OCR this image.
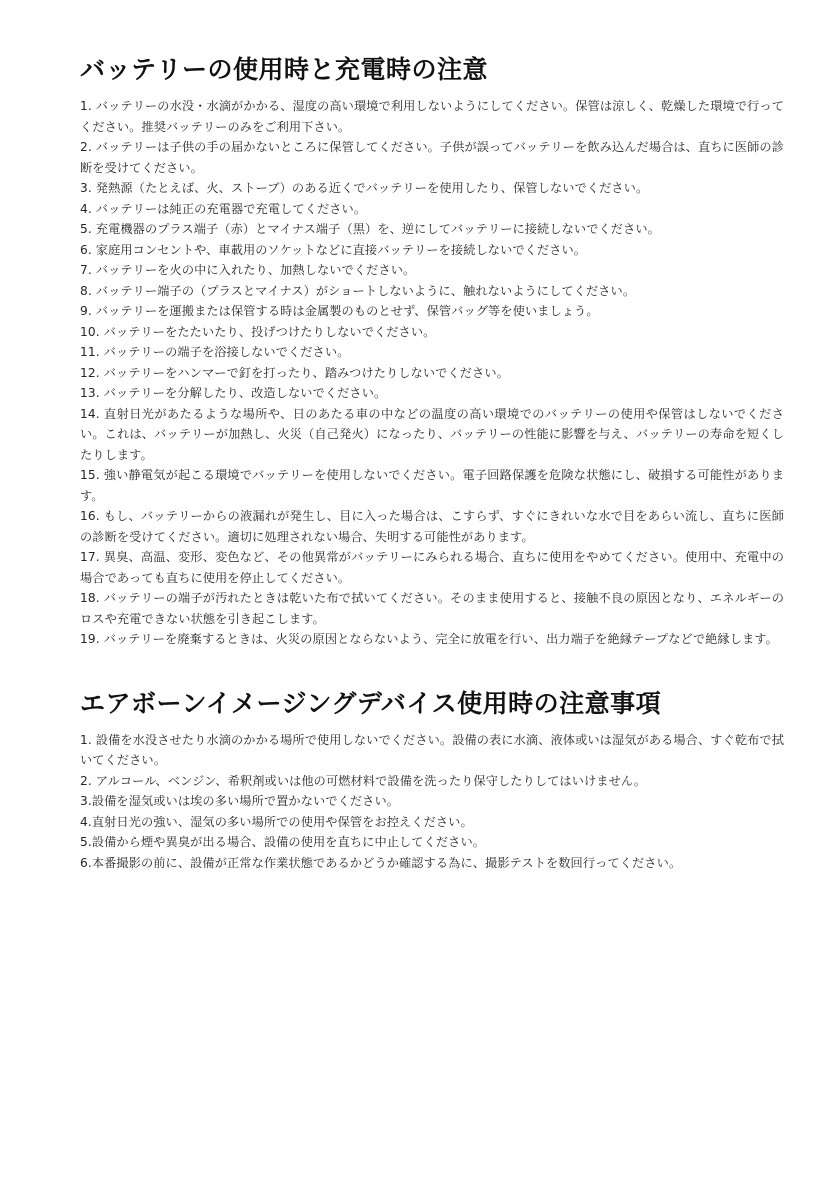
バッテリーの使用時と充電時の注意
1. バッテリーの水没・水滴がかかる、湿度の高い環境で利用しないようにしてください。保管は涼しく、乾燥した環境で行ってください。推奨バッテリーのみをご利用下さい。
2. バッテリーは子供の手の届かないところに保管してください。子供が誤ってバッテリーを飲み込んだ場合は、直ちに医師の診断を受けてください。
3. 発熱源（たとえば、火、ストーブ）のある近くでバッテリーを使用したり、保管しないでください。
4. バッテリーは純正の充電器で充電してください。
5. 充電機器のプラス端子（赤）とマイナス端子（黒）を、逆にしてバッテリーに接続しないでください。
6. 家庭用コンセントや、車載用のソケットなどに直接バッテリーを接続しないでください。
7. バッテリーを火の中に入れたり、加熱しないでください。
8. バッテリー端子の（プラスとマイナス）がショートしないように、触れないようにしてください。
9. バッテリーを運搬または保管する時は金属製のものとせず、保管バッグ等を使いましょう。
10. バッテリーをたたいたり、投げつけたりしないでください。
11. バッテリーの端子を浴接しないでください。
12. バッテリーをハンマーで釘を打ったり、踏みつけたりしないでください。
13. バッテリーを分解したり、改造しないでください。
14. 直射日光があたるような場所や、日のあたる車の中などの温度の高い環境でのバッテリーの使用や保管はしないでください。これは、バッテリーが加熱し、火災（自己発火）になったり、バッテリーの性能に影響を与え、バッテリーの寿命を短くしたりします。
15. 強い静電気が起こる環境でバッテリーを使用しないでください。電子回路保護を危険な状態にし、破損する可能性があります。
16. もし、バッテリーからの液漏れが発生し、目に入った場合は、こすらず、すぐにきれいな水で目をあらい流し、直ちに医師の診断を受けてください。適切に処理されない場合、失明する可能性があります。
17. 異臭、高温、変形、変色など、その他異常がバッテリーにみられる場合、直ちに使用をやめてください。使用中、充電中の場合であっても直ちに使用を停止してください。
18. バッテリーの端子が汚れたときは乾いた布で拭いてください。そのまま使用すると、接触不良の原因となり、エネルギーのロスや充電できない状態を引き起こします。
19. バッテリーを廃棄するときは、火災の原因とならないよう、完全に放電を行い、出力端子を絶縁テープなどで絶縁します。
エアボーンイメージングデバイス使用時の注意事項
1. 設備を水没させたり水滴のかかる場所で使用しないでください。設備の表に水滴、液体或いは湿気がある場合、すぐ乾布で拭いてください。
2. アルコール、ベンジン、希釈剤或いは他の可燃材料で設備を洗ったり保守したりしてはいけません。
3.設備を湿気或いは埃の多い場所で置かないでください。
4.直射日光の強い、湿気の多い場所での使用や保管をお控えください。
5.設備から煙や異臭が出る場合、設備の使用を直ちに中止してください。
6.本番撮影の前に、設備が正常な作業状態であるかどうか確認する為に、撮影テストを数回行ってください。
